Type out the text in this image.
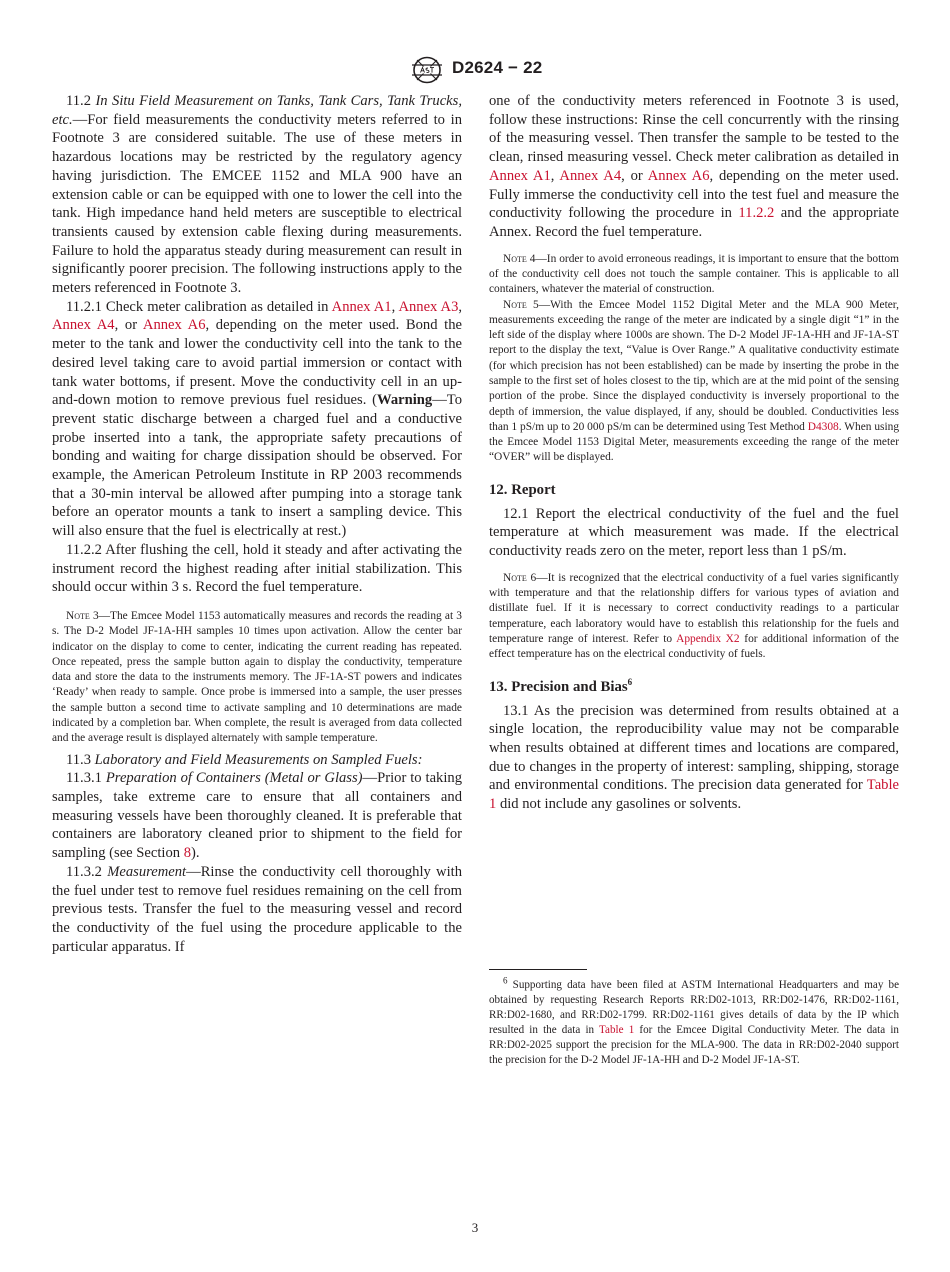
D2624 − 22

11.2 In Situ Field Measurement on Tanks, Tank Cars, Tank Trucks, etc.—For field measurements the conductivity meters referred to in Footnote 3 are considered suitable. The use of these meters in hazardous locations may be restricted by the regulatory agency having jurisdiction. The EMCEE 1152 and MLA 900 have an extension cable or can be equipped with one to lower the cell into the tank. High impedance hand held meters are susceptible to electrical transients caused by extension cable flexing during measurements. Failure to hold the apparatus steady during measurement can result in significantly poorer precision. The following instructions apply to the meters referenced in Footnote 3.

11.2.1 Check meter calibration as detailed in Annex A1, Annex A3, Annex A4, or Annex A6, depending on the meter used. Bond the meter to the tank and lower the conductivity cell into the tank to the desired level taking care to avoid partial immersion or contact with tank water bottoms, if present. Move the conductivity cell in an up-and-down motion to remove previous fuel residues. (Warning—To prevent static discharge between a charged fuel and a conductive probe inserted into a tank, the appropriate safety precautions of bonding and waiting for charge dissipation should be observed. For example, the American Petroleum Institute in RP 2003 recommends that a 30-min interval be allowed after pumping into a storage tank before an operator mounts a tank to insert a sampling device. This will also ensure that the fuel is electrically at rest.)

11.2.2 After flushing the cell, hold it steady and after activating the instrument record the highest reading after initial stabilization. This should occur within 3 s. Record the fuel temperature.

Note 3—The Emcee Model 1153 automatically measures and records the reading at 3 s. The D-2 Model JF-1A-HH samples 10 times upon activation. Allow the center bar indicator on the display to come to center, indicating the current reading has repeated. Once repeated, press the sample button again to display the conductivity, temperature data and store the data to the instruments memory. The JF-1A-ST powers and indicates ‘Ready’ when ready to sample. Once probe is immersed into a sample, the user presses the sample button a second time to activate sampling and 10 determinations are made indicated by a completion bar. When complete, the result is averaged from data collected and the average result is displayed alternately with sample temperature.

11.3 Laboratory and Field Measurements on Sampled Fuels:

11.3.1 Preparation of Containers (Metal or Glass)—Prior to taking samples, take extreme care to ensure that all containers and measuring vessels have been thoroughly cleaned. It is preferable that containers are laboratory cleaned prior to shipment to the field for sampling (see Section 8).

11.3.2 Measurement—Rinse the conductivity cell thoroughly with the fuel under test to remove fuel residues remaining on the cell from previous tests. Transfer the fuel to the measuring vessel and record the conductivity of the fuel using the procedure applicable to the particular apparatus. If

one of the conductivity meters referenced in Footnote 3 is used, follow these instructions: Rinse the cell concurrently with the rinsing of the measuring vessel. Then transfer the sample to be tested to the clean, rinsed measuring vessel. Check meter calibration as detailed in Annex A1, Annex A4, or Annex A6, depending on the meter used. Fully immerse the conductivity cell into the test fuel and measure the conductivity following the procedure in 11.2.2 and the appropriate Annex. Record the fuel temperature.

Note 4—In order to avoid erroneous readings, it is important to ensure that the bottom of the conductivity cell does not touch the sample container. This is applicable to all containers, whatever the material of construction.

Note 5—With the Emcee Model 1152 Digital Meter and the MLA 900 Meter, measurements exceeding the range of the meter are indicated by a single digit “1” in the left side of the display where 1000s are shown. The D-2 Model JF-1A-HH and JF-1A-ST report to the display the text, “Value is Over Range.” A qualitative conductivity estimate (for which precision has not been established) can be made by inserting the probe in the sample to the first set of holes closest to the tip, which are at the mid point of the sensing portion of the probe. Since the displayed conductivity is inversely proportional to the depth of immersion, the value displayed, if any, should be doubled. Conductivities less than 1 pS/m up to 20 000 pS/m can be determined using Test Method D4308. When using the Emcee Model 1153 Digital Meter, measurements exceeding the range of the meter “OVER” will be displayed.

12. Report

12.1 Report the electrical conductivity of the fuel and the fuel temperature at which measurement was made. If the electrical conductivity reads zero on the meter, report less than 1 pS/m.

Note 6—It is recognized that the electrical conductivity of a fuel varies significantly with temperature and that the relationship differs for various types of aviation and distillate fuel. If it is necessary to correct conductivity readings to a particular temperature, each laboratory would have to establish this relationship for the fuels and temperature range of interest. Refer to Appendix X2 for additional information of the effect temperature has on the electrical conductivity of fuels.

13. Precision and Bias$^6$

13.1 As the precision was determined from results obtained at a single location, the reproducibility value may not be comparable when results obtained at different times and locations are compared, due to changes in the property of interest: sampling, shipping, storage and environmental conditions. The precision data generated for Table 1 did not include any gasolines or solvents.

$^6$ Supporting data have been filed at ASTM International Headquarters and may be obtained by requesting Research Reports RR:D02-1013, RR:D02-1476, RR:D02-1161, RR:D02-1680, and RR:D02-1799. RR:D02-1161 gives details of data by the IP which resulted in the data in Table 1 for the Emcee Digital Conductivity Meter. The data in RR:D02-2025 support the precision for the MLA-900. The data in RR:D02-2040 support the precision for the D-2 Model JF-1A-HH and D-2 Model JF-1A-ST.

3
